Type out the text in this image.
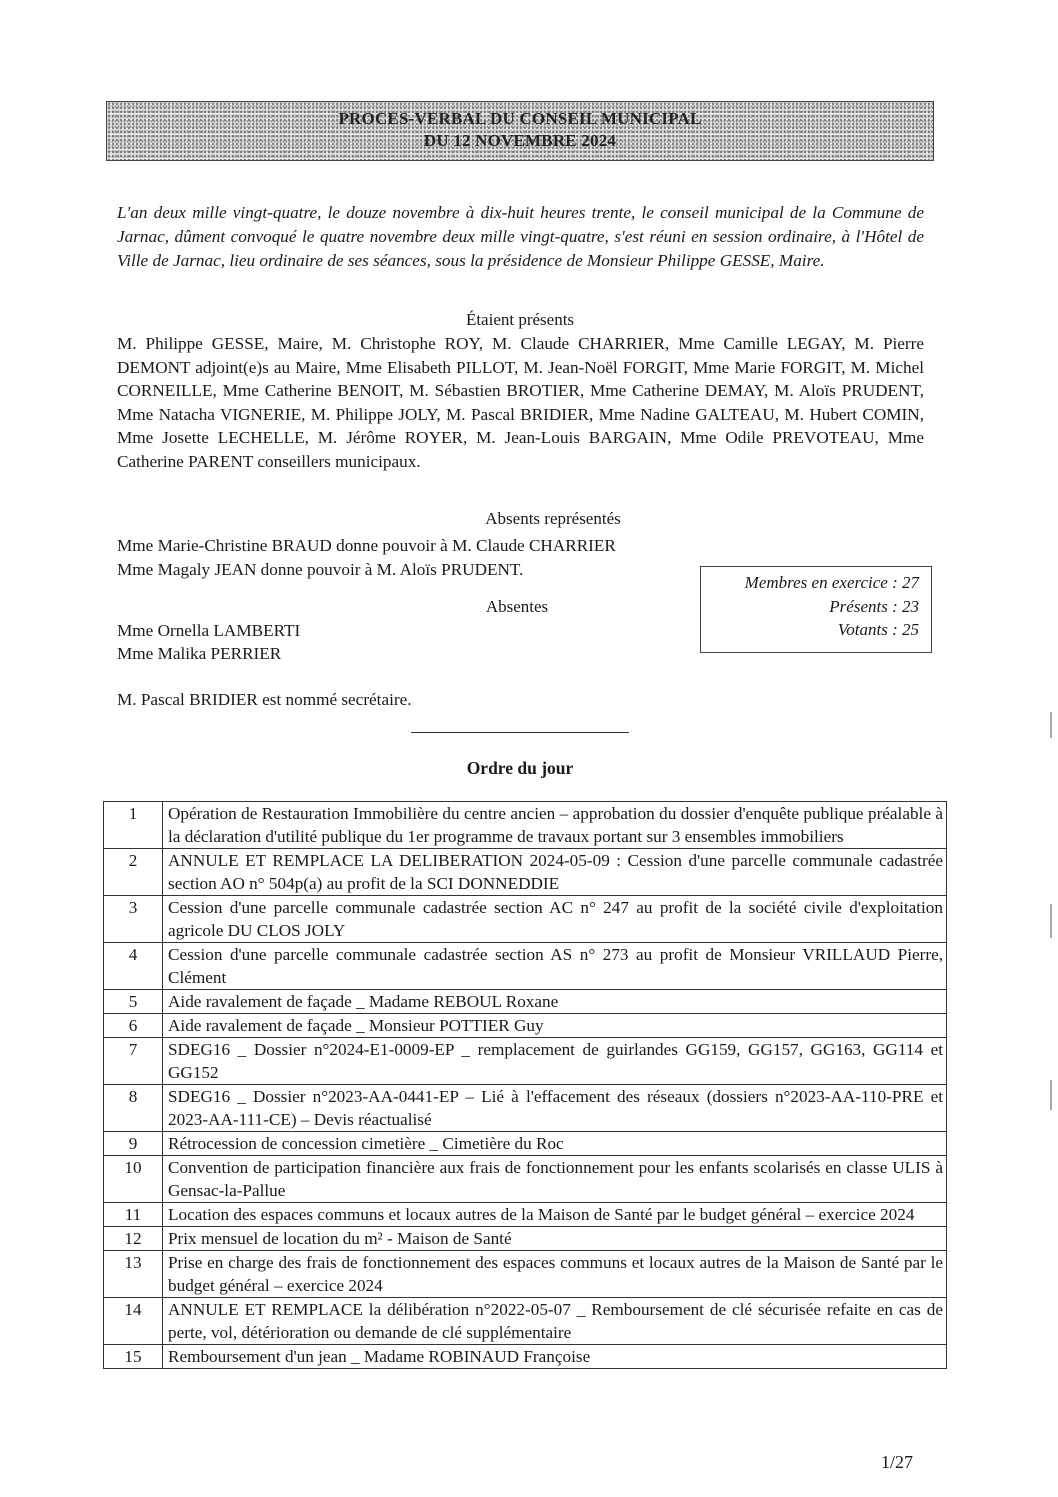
PROCES-VERBAL DU CONSEIL MUNICIPAL
DU 12 NOVEMBRE 2024
L'an deux mille vingt-quatre, le douze novembre à dix-huit heures trente, le conseil municipal de la Commune de Jarnac, dûment convoqué le quatre novembre deux mille vingt-quatre, s'est réuni en session ordinaire, à l'Hôtel de Ville de Jarnac, lieu ordinaire de ses séances, sous la présidence de Monsieur Philippe GESSE, Maire.
Étaient présents
M. Philippe GESSE, Maire, M. Christophe ROY, M. Claude CHARRIER, Mme Camille LEGAY, M. Pierre DEMONT adjoint(e)s au Maire, Mme Elisabeth PILLOT, M. Jean-Noël FORGIT, Mme Marie FORGIT, M. Michel CORNEILLE, Mme Catherine BENOIT, M. Sébastien BROTIER, Mme Catherine DEMAY, M. Aloïs PRUDENT, Mme Natacha VIGNERIE, M. Philippe JOLY, M. Pascal BRIDIER, Mme Nadine GALTEAU, M. Hubert COMIN, Mme Josette LECHELLE, M. Jérôme ROYER, M. Jean-Louis BARGAIN, Mme Odile PREVOTEAU, Mme Catherine PARENT conseillers municipaux.
Absents représentés
Mme Marie-Christine BRAUD donne pouvoir à M. Claude CHARRIER
Mme Magaly JEAN donne pouvoir à M. Aloïs PRUDENT.
Membres en exercice : 27
Présents : 23
Votants : 25
Absentes
Mme Ornella LAMBERTI
Mme Malika PERRIER
M. Pascal BRIDIER est nommé secrétaire.
Ordre du jour
1	Opération de Restauration Immobilière du centre ancien – approbation du dossier d'enquête publique préalable à la déclaration d'utilité publique du 1er programme de travaux portant sur 3 ensembles immobiliers
2	ANNULE ET REMPLACE LA DELIBERATION 2024-05-09 : Cession d'une parcelle communale cadastrée section AO n° 504p(a) au profit de la SCI DONNEDDIE
3	Cession d'une parcelle communale cadastrée section AC n° 247 au profit de la société civile d'exploitation agricole DU CLOS JOLY
4	Cession d'une parcelle communale cadastrée section AS n° 273 au profit de Monsieur VRILLAUD Pierre, Clément
5	Aide ravalement de façade _ Madame REBOUL Roxane
6	Aide ravalement de façade _ Monsieur POTTIER Guy
7	SDEG16 _ Dossier n°2024-E1-0009-EP _ remplacement de guirlandes GG159, GG157, GG163, GG114 et GG152
8	SDEG16 _ Dossier n°2023-AA-0441-EP – Lié à l'effacement des réseaux (dossiers n°2023-AA-110-PRE et 2023-AA-111-CE) – Devis réactualisé
9	Rétrocession de concession cimetière _ Cimetière du Roc
10	Convention de participation financière aux frais de fonctionnement pour les enfants scolarisés en classe ULIS à Gensac-la-Pallue
11	Location des espaces communs et locaux autres de la Maison de Santé par le budget général – exercice 2024
12	Prix mensuel de location du m² - Maison de Santé
13	Prise en charge des frais de fonctionnement des espaces communs et locaux autres de la Maison de Santé par le budget général – exercice 2024
14	ANNULE ET REMPLACE la délibération n°2022-05-07 _ Remboursement de clé sécurisée refaite en cas de perte, vol, détérioration ou demande de clé supplémentaire
15	Remboursement d'un jean _ Madame ROBINAUD Françoise
1/27
